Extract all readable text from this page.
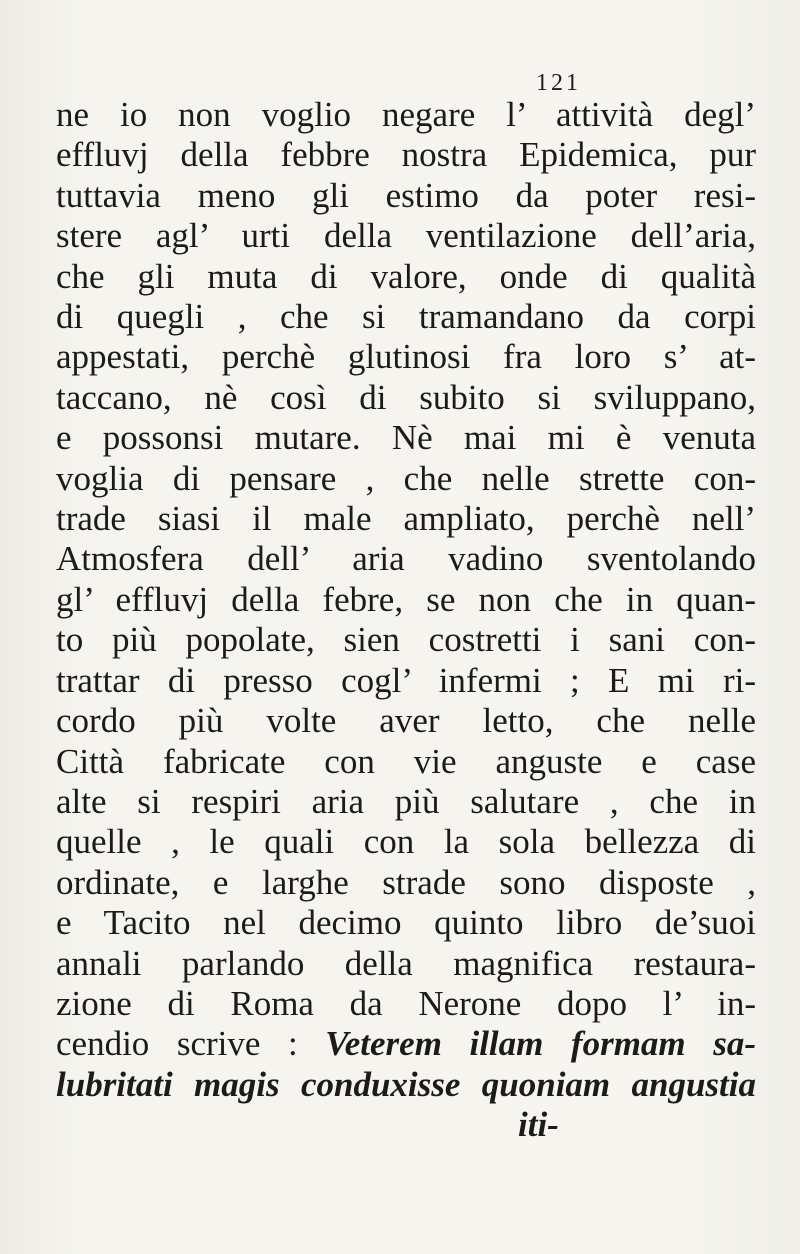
121
ne io non voglio negare l’ attività degl’
effluvj della febbre nostra Epidemica, pur
tuttavia meno gli estimo da poter resi-
stere agl’ urti della ventilazione dell’aria,
che gli muta di valore, onde di qualità
di quegli , che si tramandano da corpi
appestati, perchè glutinosi fra loro s’ at-
taccano, nè così di subito si sviluppano,
e possonsi mutare. Nè mai mi è venuta
voglia di pensare , che nelle strette con-
trade siasi il male ampliato, perchè nell’
Atmosfera dell’ aria vadino sventolando
gl’ effluvj della febre, se non che in quan-
to più popolate, sien costretti i sani con-
trattar di presso cogl’ infermi ; E mi ri-
cordo più volte aver letto, che nelle
Città fabricate con vie anguste e case
alte si respiri aria più salutare , che in
quelle , le quali con la sola bellezza di
ordinate, e larghe strade sono disposte ,
e Tacito nel decimo quinto libro de’suoi
annali parlando della magnifica restaura-
zione di Roma da Nerone dopo l’ in-
cendio scrive : Veterem illam formam sa-
lubritati magis conduxisse quoniam angustia
iti-
